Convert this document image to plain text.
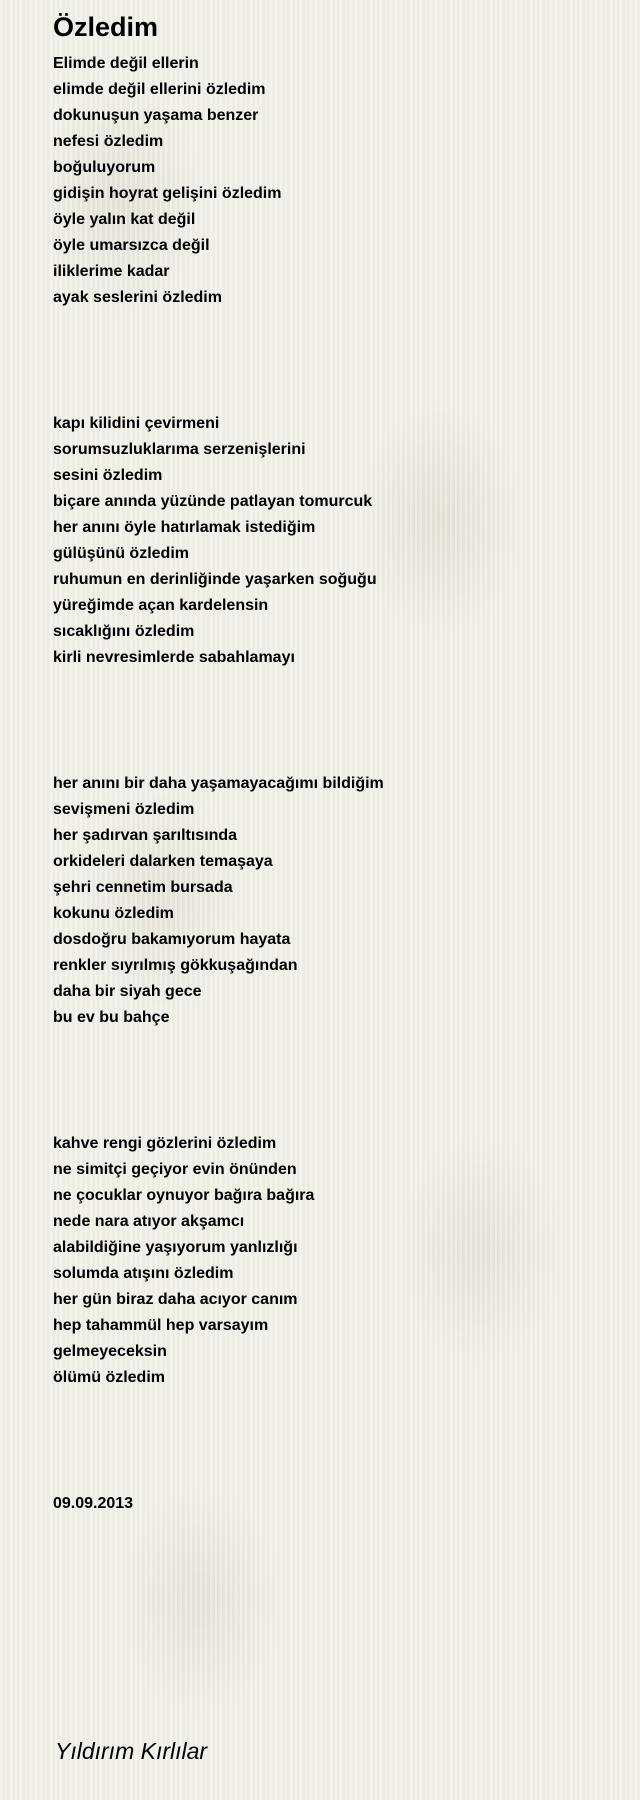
Özledim
Elimde değil ellerin
elimde değil ellerini özledim
dokunuşun yaşama benzer
nefesi özledim
boğuluyorum
gidişin hoyrat gelişini özledim
öyle yalın kat değil
öyle umarsızca değil
iliklerime kadar
ayak seslerini özledim
kapı kilidini çevirmeni
sorumsuzluklarıma serzenişlerini
sesini özledim
biçare anında yüzünde patlayan tomurcuk
her anını öyle hatırlamak istediğim
gülüşünü özledim
ruhumun en derinliğinde yaşarken soğuğu
yüreğimde açan kardelensin
sıcaklığını özledim
kirli nevresimlerde sabahlamayı
her anını bir daha yaşamayacağımı bildiğim
sevişmeni özledim
her şadırvan şarıltısında
orkideleri dalarken temaşaya
şehri cennetim bursada
kokunu özledim
dosdoğru bakamıyorum hayata
renkler sıyrılmış gökkuşağından
daha bir siyah gece
bu ev bu bahçe
kahve rengi gözlerini özledim
ne simitçi geçiyor evin önünden
ne çocuklar oynuyor bağıra bağıra
nede nara atıyor akşamcı
alabildiğine yaşıyorum yanlızlığı
solumda atışını özledim
her gün biraz daha acıyor canım
hep tahammül hep varsayım
gelmeyeceksin
ölümü özledim
09.09.2013
Yıldırım Kırlılar
